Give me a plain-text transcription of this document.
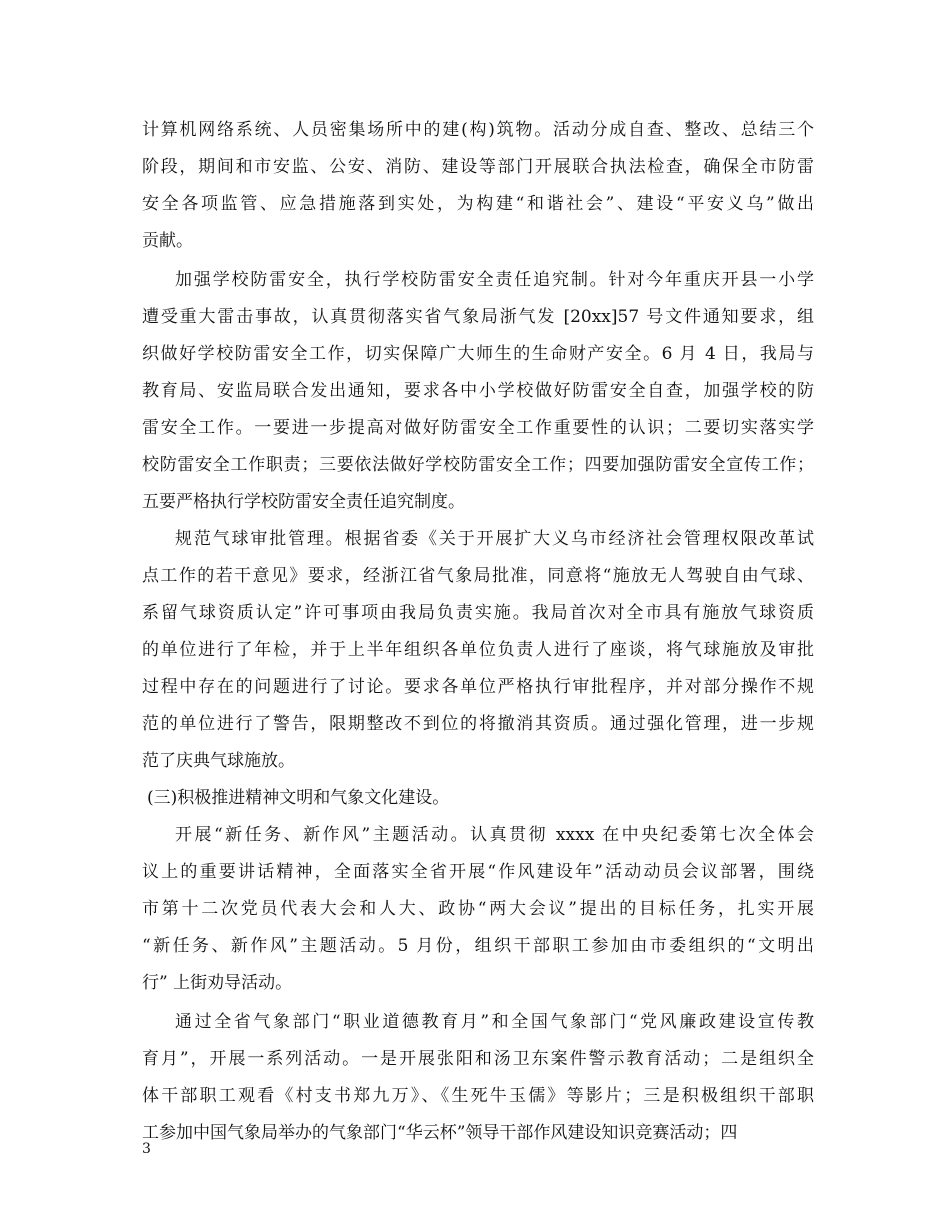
计算机网络系统、人员密集场所中的建(构)筑物。活动分成自查、整改、总结三个
阶段，期间和市安监、公安、消防、建设等部门开展联合执法检查，确保全市防雷
安全各项监管、应急措施落到实处，为构建“和谐社会”、建设“平安义乌”做出
贡献。
加强学校防雷安全，执行学校防雷安全责任追究制。针对今年重庆开县一小学
遭受重大雷击事故，认真贯彻落实省气象局浙气发 [20xx]57 号文件通知要求，组
织做好学校防雷安全工作，切实保障广大师生的生命财产安全。6 月 4 日，我局与
教育局、安监局联合发出通知，要求各中小学校做好防雷安全自查，加强学校的防
雷安全工作。一要进一步提高对做好防雷安全工作重要性的认识；二要切实落实学
校防雷安全工作职责；三要依法做好学校防雷安全工作；四要加强防雷安全宣传工作；
五要严格执行学校防雷安全责任追究制度。
规范气球审批管理。根据省委《关于开展扩大义乌市经济社会管理权限改革试
点工作的若干意见》要求，经浙江省气象局批准，同意将“施放无人驾驶自由气球、
系留气球资质认定”许可事项由我局负责实施。我局首次对全市具有施放气球资质
的单位进行了年检，并于上半年组织各单位负责人进行了座谈，将气球施放及审批
过程中存在的问题进行了讨论。要求各单位严格执行审批程序，并对部分操作不规
范的单位进行了警告，限期整改不到位的将撤消其资质。通过强化管理，进一步规
范了庆典气球施放。
(三)积极推进精神文明和气象文化建设。
开展“新任务、新作风”主题活动。认真贯彻 xxxx 在中央纪委第七次全体会
议上的重要讲话精神，全面落实全省开展“作风建设年”活动动员会议部署，围绕
市第十二次党员代表大会和人大、政协“两大会议”提出的目标任务，扎实开展
“新任务、新作风”主题活动。5 月份，组织干部职工参加由市委组织的“文明出
行” 上街劝导活动。
通过全省气象部门“职业道德教育月”和全国气象部门“党风廉政建设宣传教
育月”，开展一系列活动。一是开展张阳和汤卫东案件警示教育活动；二是组织全
体干部职工观看《村支书郑九万》、《生死牛玉儒》等影片；三是积极组织干部职
工参加中国气象局举办的气象部门“华云杯”领导干部作风建设知识竞赛活动；四
3
